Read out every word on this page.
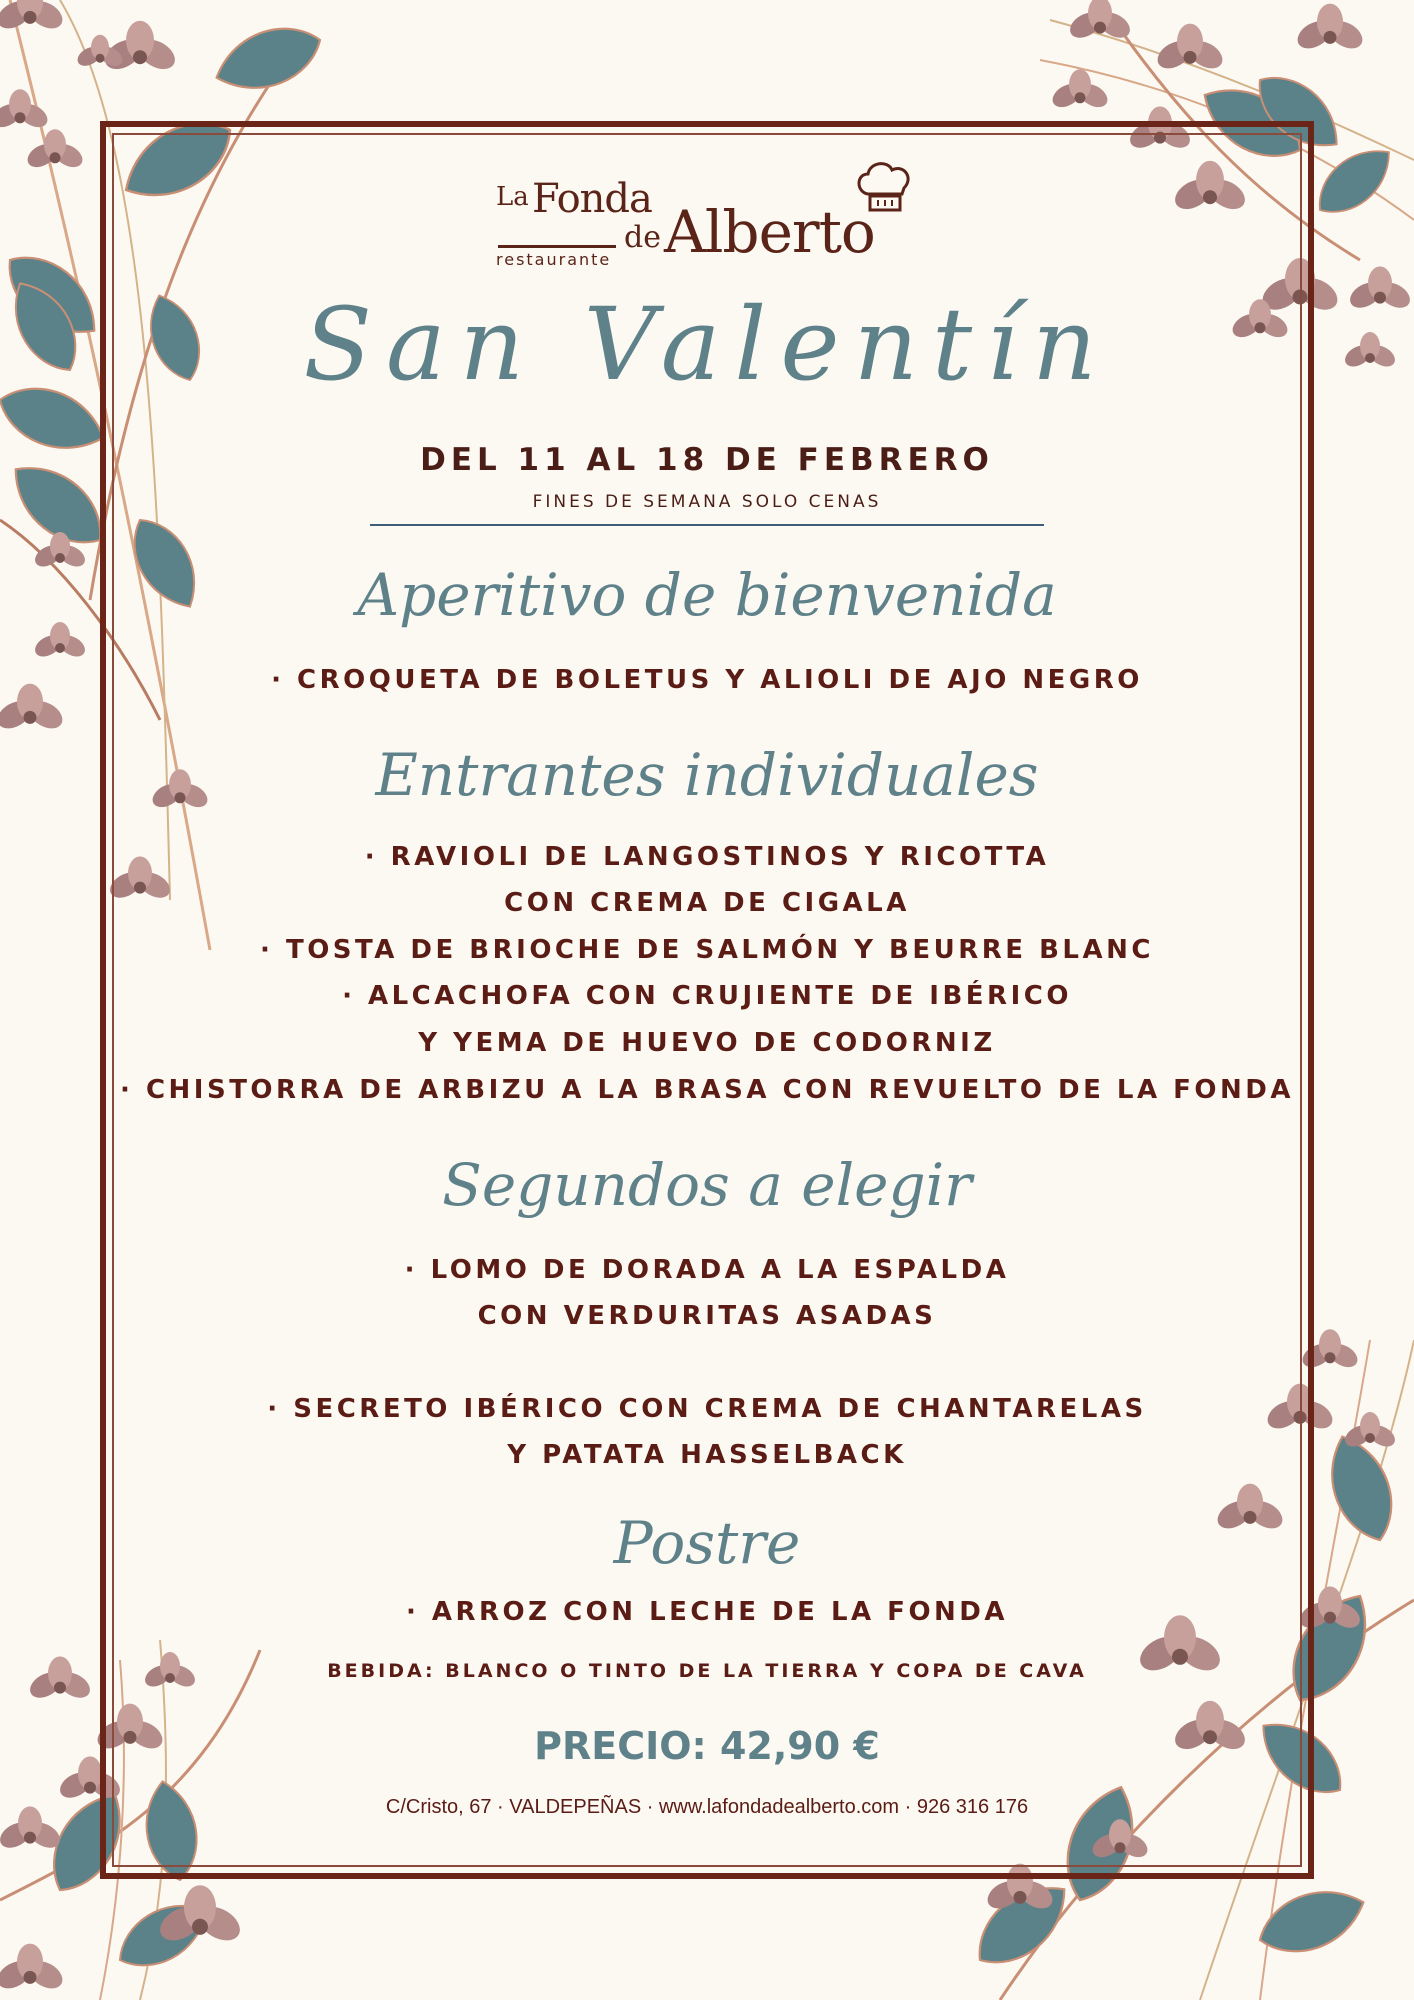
La Fonda
restaurante
de Alberto
San Valentín
DEL 11 AL 18 DE FEBRERO
FINES DE SEMANA SOLO CENAS
Aperitivo de bienvenida
· CROQUETA DE BOLETUS Y ALIOLI DE AJO NEGRO
Entrantes individuales
· RAVIOLI DE LANGOSTINOS Y RICOTTA
CON CREMA DE CIGALA
· TOSTA DE BRIOCHE DE SALMÓN Y BEURRE BLANC
· ALCACHOFA CON CRUJIENTE DE IBÉRICO
Y YEMA DE HUEVO DE CODORNIZ
· CHISTORRA DE ARBIZU A LA BRASA CON REVUELTO DE LA FONDA
Segundos a elegir
· LOMO DE DORADA A LA ESPALDA
CON VERDURITAS ASADAS
· SECRETO IBÉRICO CON CREMA DE CHANTARELAS
Y PATATA HASSELBACK
Postre
· ARROZ CON LECHE DE LA FONDA
BEBIDA: BLANCO O TINTO DE LA TIERRA Y COPA DE CAVA
PRECIO: 42,90 €
C/Cristo, 67 · VALDEPEÑAS · www.lafondadealberto.com · 926 316 176
